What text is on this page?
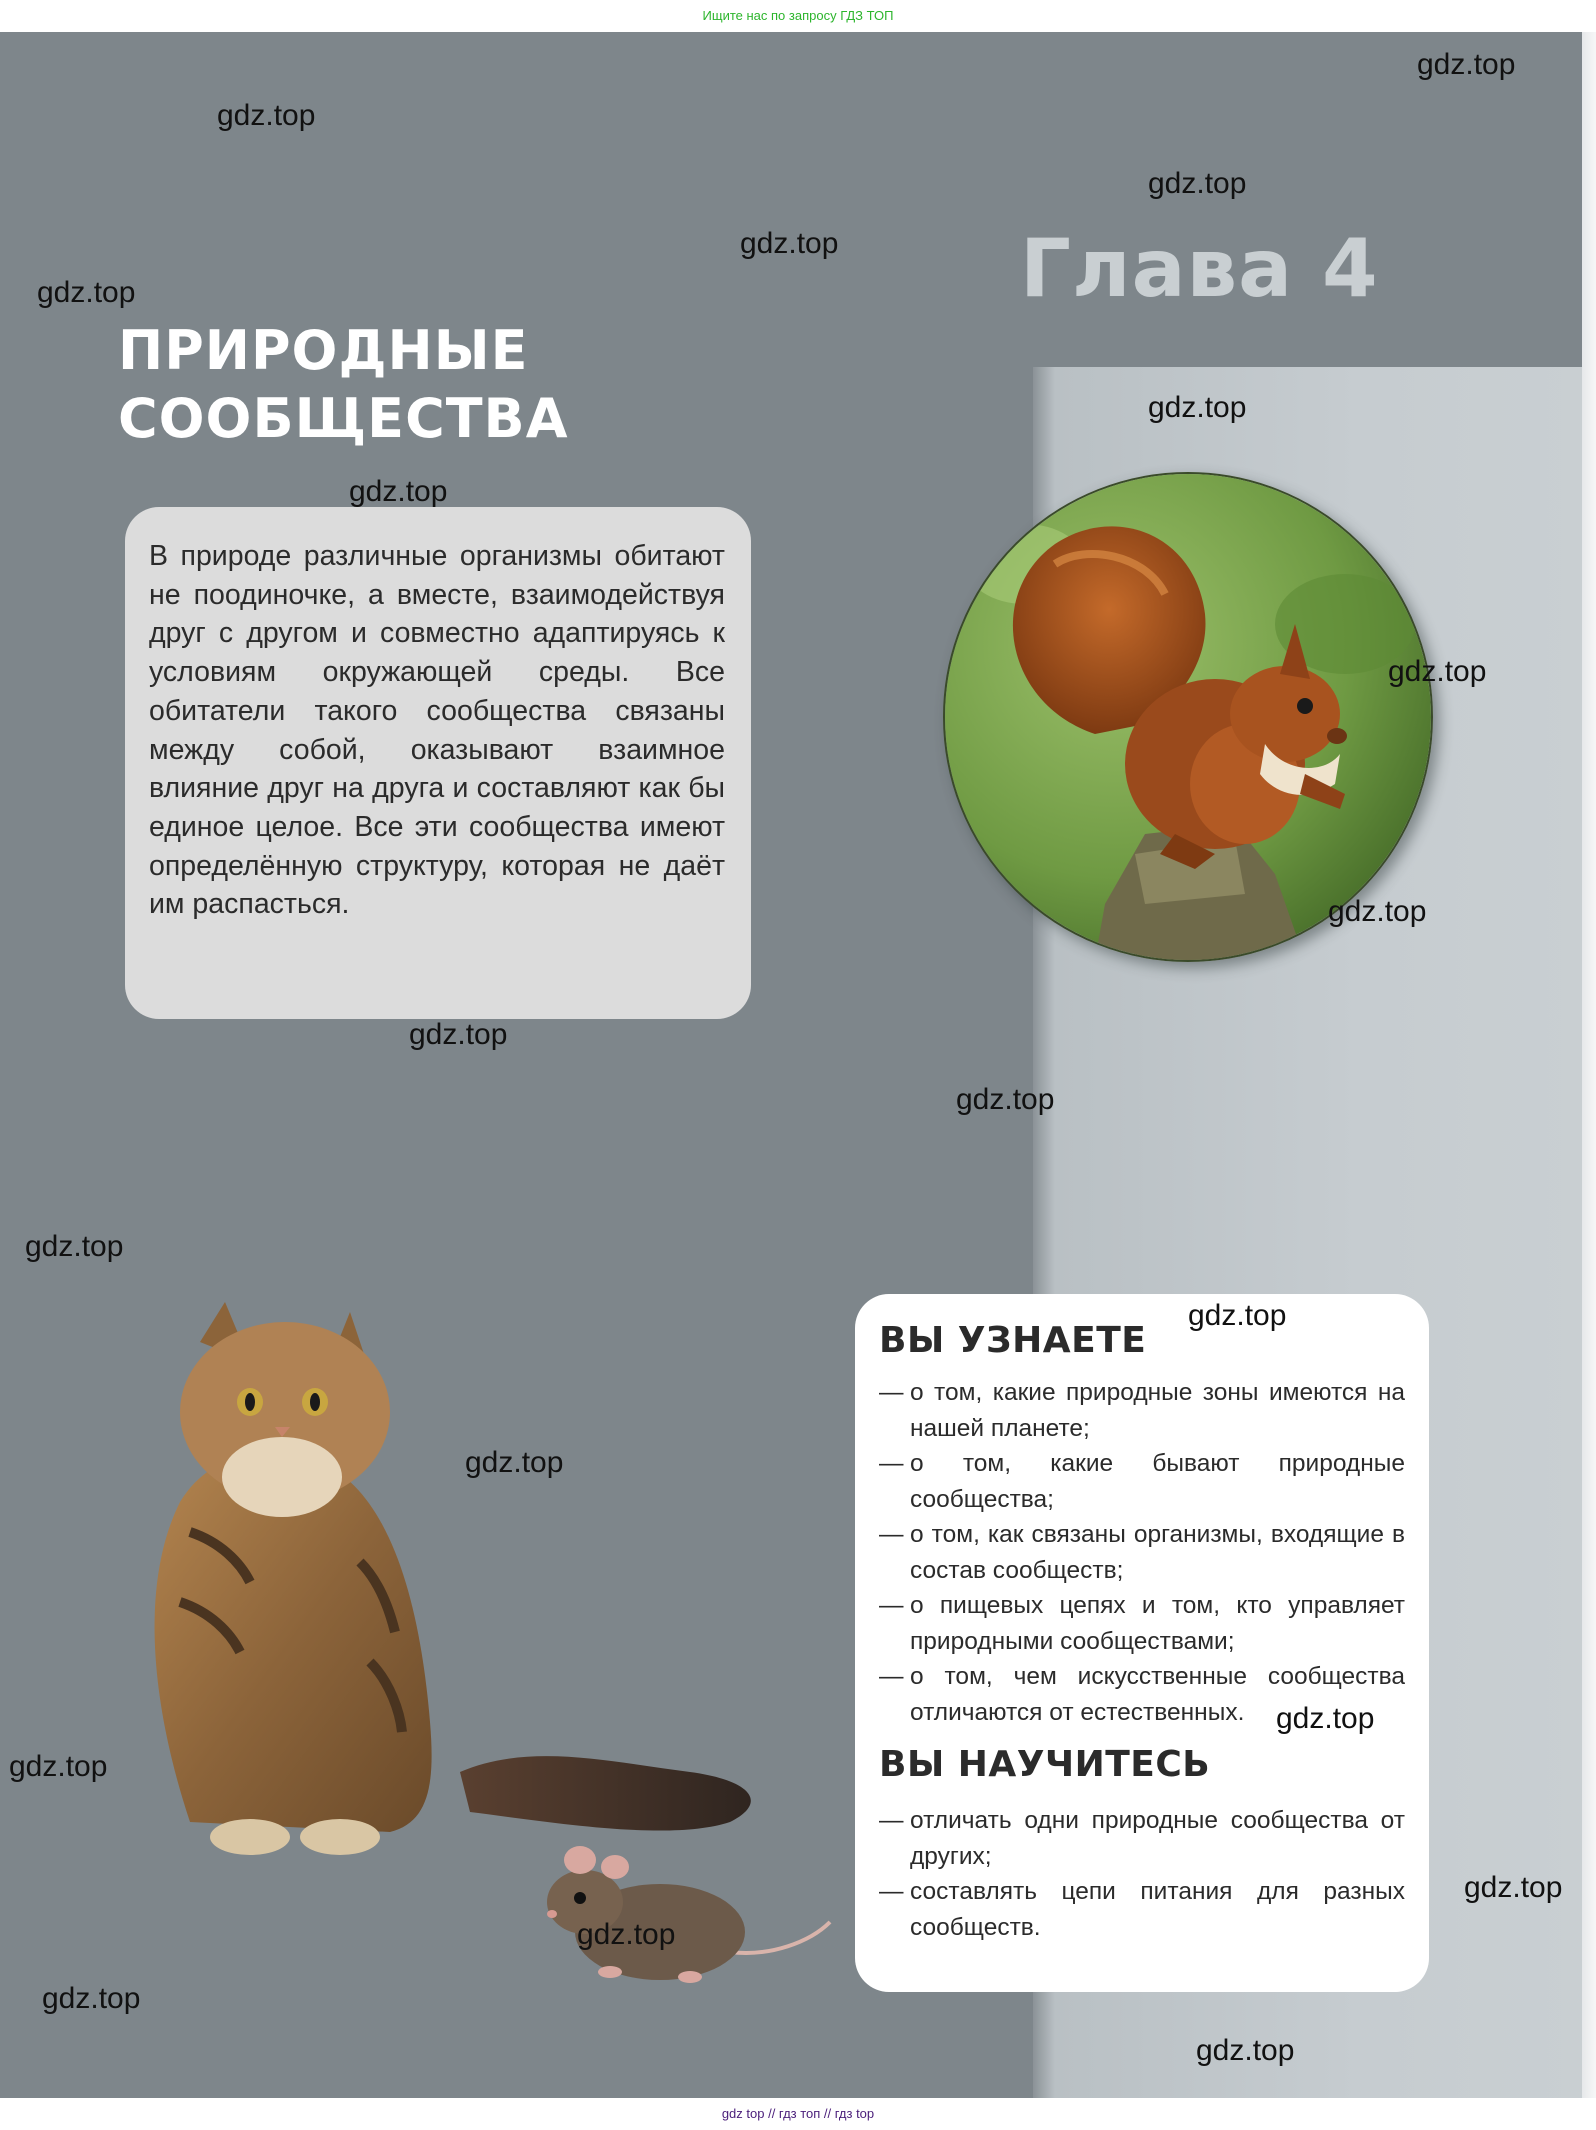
Ищите нас по запросу ГДЗ ТОП
Глава 4
ПРИРОДНЫЕ
СООБЩЕСТВА
В природе различные организмы обитают не поодиночке, а вместе, взаимодействуя друг с другом и совместно адаптируясь к условиям окружающей среды. Все обитатели такого сообщества связаны между собой, оказывают взаимное влияние друг на друга и составляют как бы единое целое. Все эти сообщества имеют определённую структуру, которая не даёт им распасться.
ВЫ УЗНАЕТЕ
— о том, какие природные зоны имеются на нашей планете;
— о том, какие бывают природные сообщества;
— о том, как связаны организмы, входящие в состав сообществ;
— о пищевых цепях и том, кто управляет природными сообществами;
— о том, чем искусственные сообщества отличаются от естественных.
ВЫ НАУЧИТЕСЬ
— отличать одни природные сообщества от других;
— составлять цепи питания для разных сообществ.
gdz.top
gdz.top
gdz.top
gdz.top
gdz.top
gdz.top
gdz.top
gdz.top
gdz.top
gdz.top
gdz.top
gdz.top
gdz.top
gdz.top
gdz.top
gdz.top
gdz.top
gdz.top
gdz.top
gdz.top
gdz top // гдз топ // гдз top
